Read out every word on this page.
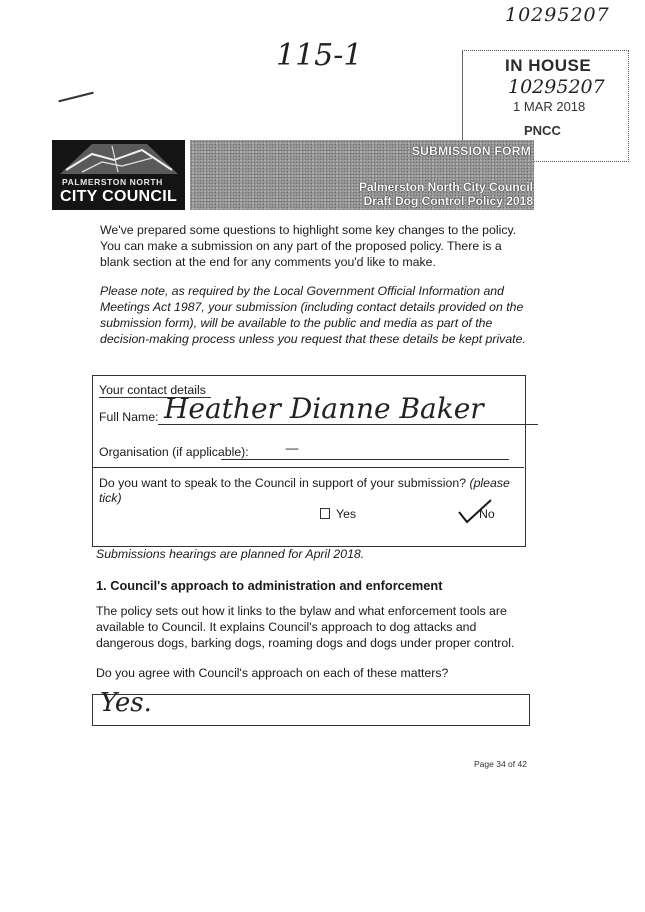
10295207
115-1	IN HOUSE
10295207
1 MAR 2018
PNCC
PALMERSTON NORTH
CITY COUNCIL
SUBMISSION FORM
Palmerston North City Council
Draft Dog Control Policy 2018
We've prepared some questions to highlight some key changes to the policy. You can make a submission on any part of the proposed policy. There is a blank section at the end for any comments you'd like to make.
Please note, as required by the Local Government Official Information and Meetings Act 1987, your submission (including contact details provided on the submission form), will be available to the public and media as part of the decision-making process unless you request that these details be kept private.
Your contact details
Full Name: Heather Dianne Baker
Organisation (if applicable):	—
Do you want to speak to the Council in support of your submission? (please tick)
Yes	No
Submissions hearings are planned for April 2018.
1. Council's approach to administration and enforcement
The policy sets out how it links to the bylaw and what enforcement tools are available to Council. It explains Council's approach to dog attacks and dangerous dogs, barking dogs, roaming dogs and dogs under proper control.
Do you agree with Council's approach on each of these matters?
Yes.
Page 34 of 42
